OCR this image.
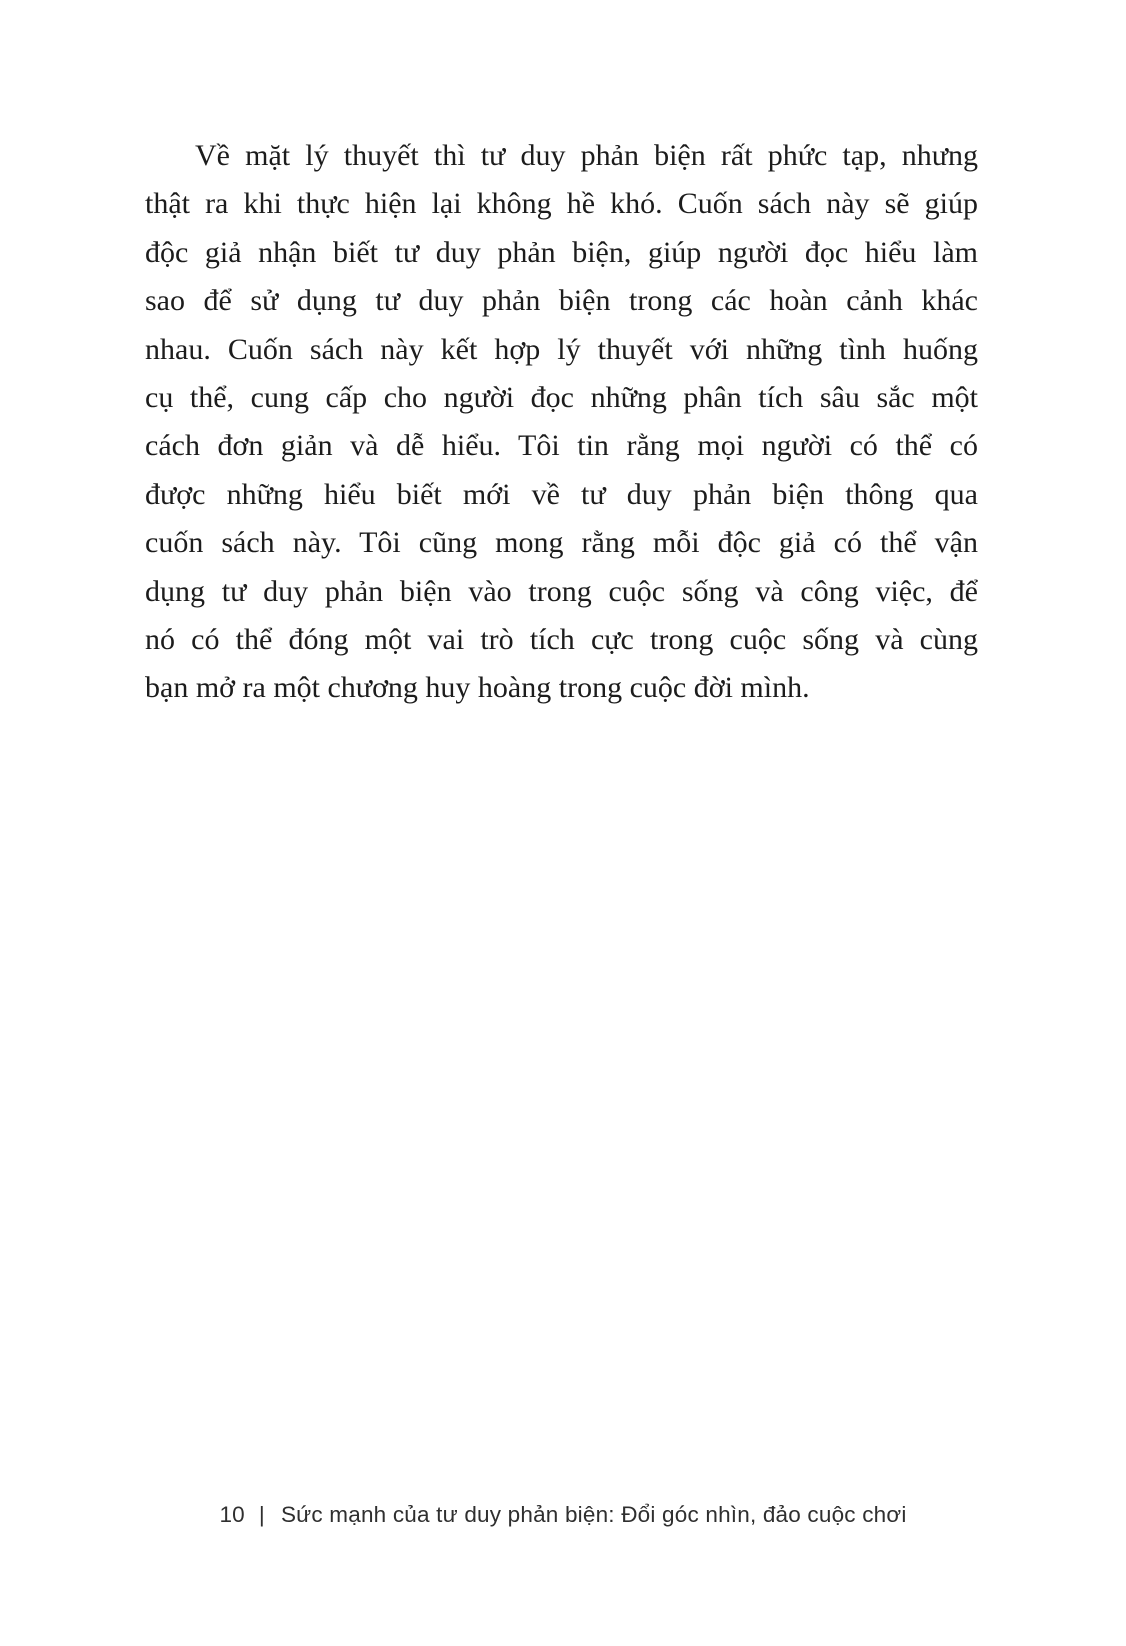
Về mặt lý thuyết thì tư duy phản biện rất phức tạp, nhưng
thật ra khi thực hiện lại không hề khó. Cuốn sách này sẽ giúp
độc giả nhận biết tư duy phản biện, giúp người đọc hiểu làm
sao để sử dụng tư duy phản biện trong các hoàn cảnh khác
nhau. Cuốn sách này kết hợp lý thuyết với những tình huống
cụ thể, cung cấp cho người đọc những phân tích sâu sắc một
cách đơn giản và dễ hiểu. Tôi tin rằng mọi người có thể có
được những hiểu biết mới về tư duy phản biện thông qua
cuốn sách này. Tôi cũng mong rằng mỗi độc giả có thể vận
dụng tư duy phản biện vào trong cuộc sống và công việc, để
nó có thể đóng một vai trò tích cực trong cuộc sống và cùng
bạn mở ra một chương huy hoàng trong cuộc đời mình.
10 | Sức mạnh của tư duy phản biện: Đổi góc nhìn, đảo cuộc chơi
